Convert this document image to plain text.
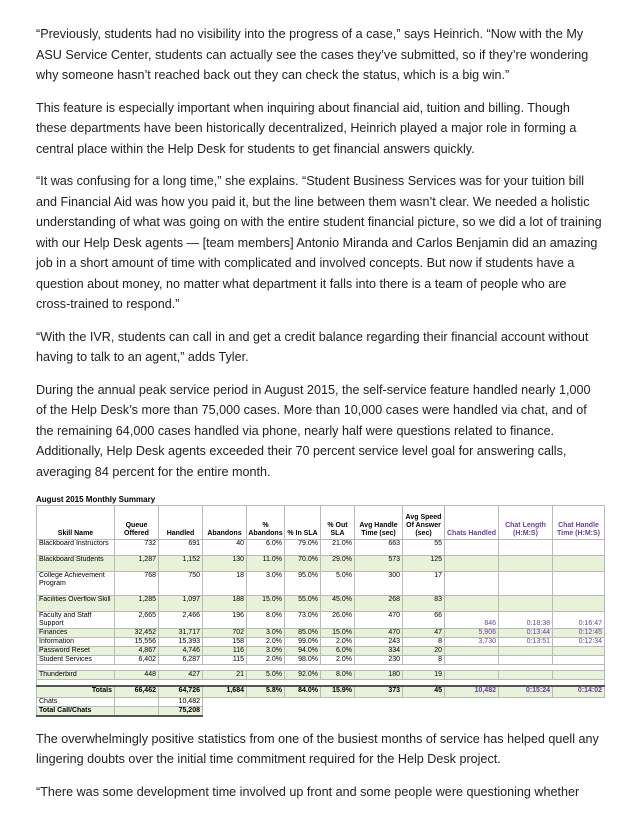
“Previously, students had no visibility into the progress of a case,” says Heinrich. “Now with the My ASU Service Center, students can actually see the cases they’ve submitted, so if they’re wondering why someone hasn’t reached back out they can check the status, which is a big win.”

This feature is especially important when inquiring about financial aid, tuition and billing. Though these departments have been historically decentralized, Heinrich played a major role in forming a central place within the Help Desk for students to get financial answers quickly.

“It was confusing for a long time,” she explains. “Student Business Services was for your tuition bill and Financial Aid was how you paid it, but the line between them wasn’t clear. We needed a holistic understanding of what was going on with the entire student financial picture, so we did a lot of training with our Help Desk agents — [team members] Antonio Miranda and Carlos Benjamin did an amazing job in a short amount of time with complicated and involved concepts. But now if students have a question about money, no matter what department it falls into there is a team of people who are cross-trained to respond.”

“With the IVR, students can call in and get a credit balance regarding their financial account without having to talk to an agent,” adds Tyler.

During the annual peak service period in August 2015, the self-service feature handled nearly 1,000 of the Help Desk’s more than 75,000 cases. More than 10,000 cases were handled via chat, and of the remaining 64,000 cases handled via phone, nearly half were questions related to finance. Additionally, Help Desk agents exceeded their 70 percent service level goal for answering calls, averaging 84 percent for the entire month.

August 2015 Monthly Summary
Skill Name	Queue Offered	Handled	Abandons	% Abandons	% In SLA	% Out SLA	Avg Handle Time (sec)	Avg Speed Of Answer (sec)	Chats Handled	Chat Length (H:M:S)	Chat Handle Time (H:M:S)
Blackboard Instructors	732	691	40	6.0%	79.0%	21.0%	663	55			
Blackboard Students	1,287	1,152	130	11.0%	70.0%	29.0%	573	125			
College Achievement Program	768	750	18	3.0%	95.0%	5.0%	300	17			
Facilities Overflow Skill	1,285	1,097	188	15.0%	55.0%	45.0%	268	83			
Faculty and Staff Support	2,665	2,466	196	8.0%	73.0%	26.0%	470	66	846	0:18:38	0:16:47
Finances	32,452	31,717	702	3.0%	85.0%	15.0%	470	47	5,906	0:13:44	0:12:45
Information	15,556	15,393	158	2.0%	99.0%	2.0%	243	8	3,730	0:13:51	0:12:34
Password Reset	4,867	4,746	116	3.0%	94.0%	6.0%	334	20			
Student Services	6,402	6,287	115	2.0%	98.0%	2.0%	230	8			

Thunderbird	448	427	21	5.0%	92.0%	8.0%	180	19			

Totals	66,462	64,726	1,684	5.8%	84.0%	15.9%	373	45	10,482	0:15:24	0:14:02
Chats		10,482									
Total Call/Chats		75,208									

The overwhelmingly positive statistics from one of the busiest months of service has helped quell any lingering doubts over the initial time commitment required for the Help Desk project.

“There was some development time involved up front and some people were questioning whether
